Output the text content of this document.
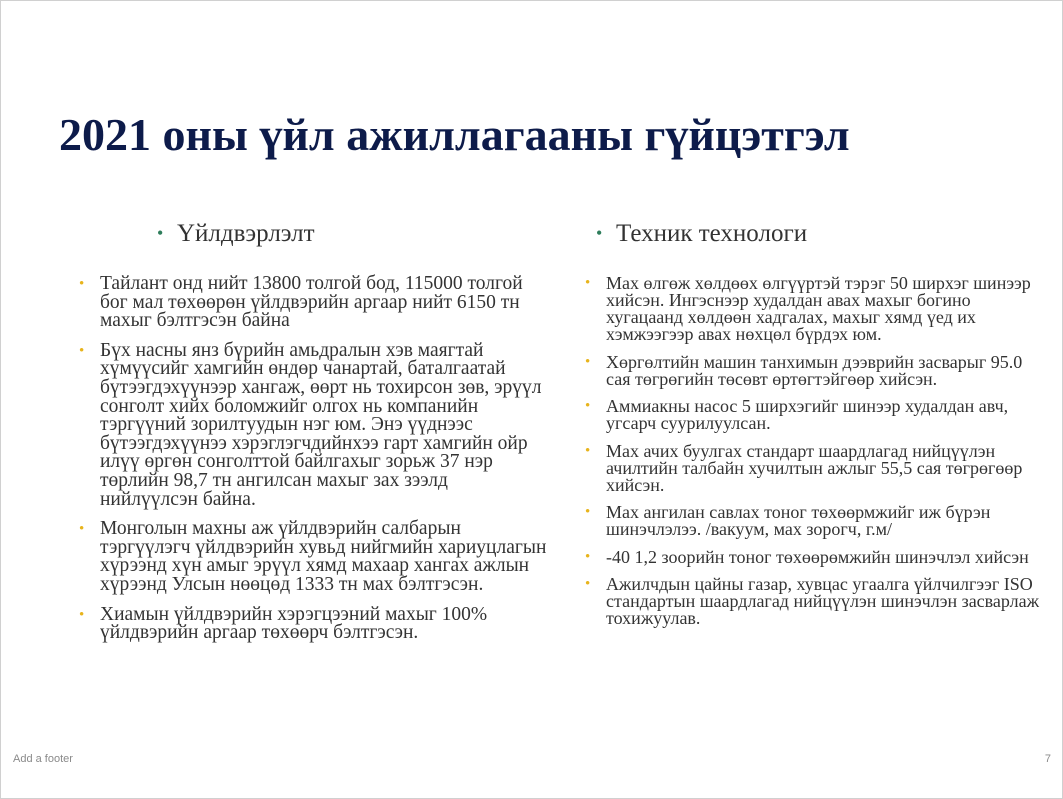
2021 оны үйл ажиллагааны гүйцэтгэл
• Үйлдвэрлэлт	• Техник технологи
• Тайлант онд нийт 13800 толгой бод, 115000 толгой бог мал төхөөрөн үйлдвэрийн аргаар нийт 6150 тн махыг бэлтгэсэн байна
• Бүх насны янз бүрийн амьдралын хэв маягтай хүмүүсийг хамгийн өндөр чанартай, баталгаатай бүтээгдэхүүнээр хангаж, өөрт нь тохирсон зөв, эрүүл сонголт хийх боломжийг олгох нь компанийн тэргүүний зорилтуудын нэг юм. Энэ үүднээс бүтээгдэхүүнээ хэрэглэгчдийнхээ гарт хамгийн ойр илүү өргөн сонголттой байлгахыг зорьж 37 нэр төрлийн 98,7 тн ангилсан махыг зах зээлд нийлүүлсэн байна.
• Монголын махны аж үйлдвэрийн салбарын тэргүүлэгч үйлдвэрийн хувьд нийгмийн хариуцлагын хүрээнд хүн амыг эрүүл хямд махаар хангах ажлын хүрээнд Улсын нөөцөд 1333 тн мах бэлтгэсэн.
• Хиамын үйлдвэрийн хэрэгцээний махыг 100% үйлдвэрийн аргаар төхөөрч бэлтгэсэн.
• Мах өлгөж хөлдөөх өлгүүртэй тэрэг 50 ширхэг шинээр хийсэн. Ингэснээр худалдан авах махыг богино хугацаанд хөлдөөн хадгалах, махыг хямд үед их хэмжээгээр авах нөхцөл бүрдэх юм.
• Хөргөлтийн машин танхимын дээврийн засварыг 95.0 сая төгрөгийн төсөвт өртөгтэйгөөр хийсэн.
• Аммиакны насос 5 ширхэгийг шинээр худалдан авч, угсарч суурилуулсан.
• Мах ачих буулгах стандарт шаардлагад нийцүүлэн ачилтийн талбайн хучилтын ажлыг 55,5 сая төгрөгөөр хийсэн.
• Мах ангилан савлах тоног төхөөрмжийг иж бүрэн шинэчлэлээ. /вакуум, мах зорогч, г.м/
• -40 1,2 зоорийн тоног төхөөрөмжийн шинэчлэл хийсэн
• Ажилчдын цайны газар, хувцас угаалга үйлчилгээг ISO стандартын шаардлагад нийцүүлэн шинэчлэн засварлаж тохижуулав.
Add a footer	7
